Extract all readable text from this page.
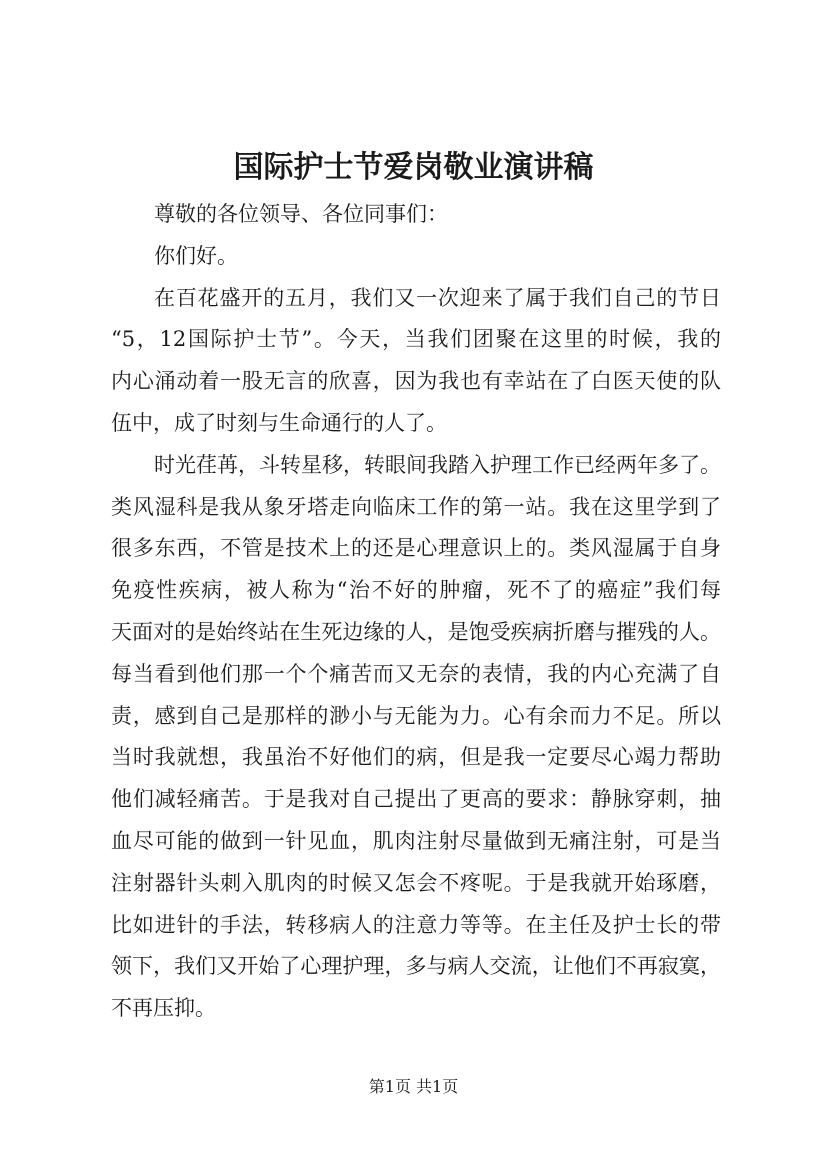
国际护士节爱岗敬业演讲稿
尊敬的各位领导、各位同事们：
你们好。
在百花盛开的五月，我们又一次迎来了属于我们自己的节日
“5，12国际护士节”。今天，当我们团聚在这里的时候，我的
内心涌动着一股无言的欣喜，因为我也有幸站在了白医天使的队
伍中，成了时刻与生命通行的人了。
时光荏苒，斗转星移，转眼间我踏入护理工作已经两年多了。
类风湿科是我从象牙塔走向临床工作的第一站。我在这里学到了
很多东西，不管是技术上的还是心理意识上的。类风湿属于自身
免疫性疾病，被人称为“治不好的肿瘤，死不了的癌症”我们每
天面对的是始终站在生死边缘的人，是饱受疾病折磨与摧残的人。
每当看到他们那一个个痛苦而又无奈的表情，我的内心充满了自
责，感到自己是那样的渺小与无能为力。心有余而力不足。所以
当时我就想，我虽治不好他们的病，但是我一定要尽心竭力帮助
他们减轻痛苦。于是我对自己提出了更高的要求：静脉穿刺，抽
血尽可能的做到一针见血，肌肉注射尽量做到无痛注射，可是当
注射器针头刺入肌肉的时候又怎会不疼呢。于是我就开始琢磨，
比如进针的手法，转移病人的注意力等等。在主任及护士长的带
领下，我们又开始了心理护理，多与病人交流，让他们不再寂寞，
不再压抑。
第1页 共1页
